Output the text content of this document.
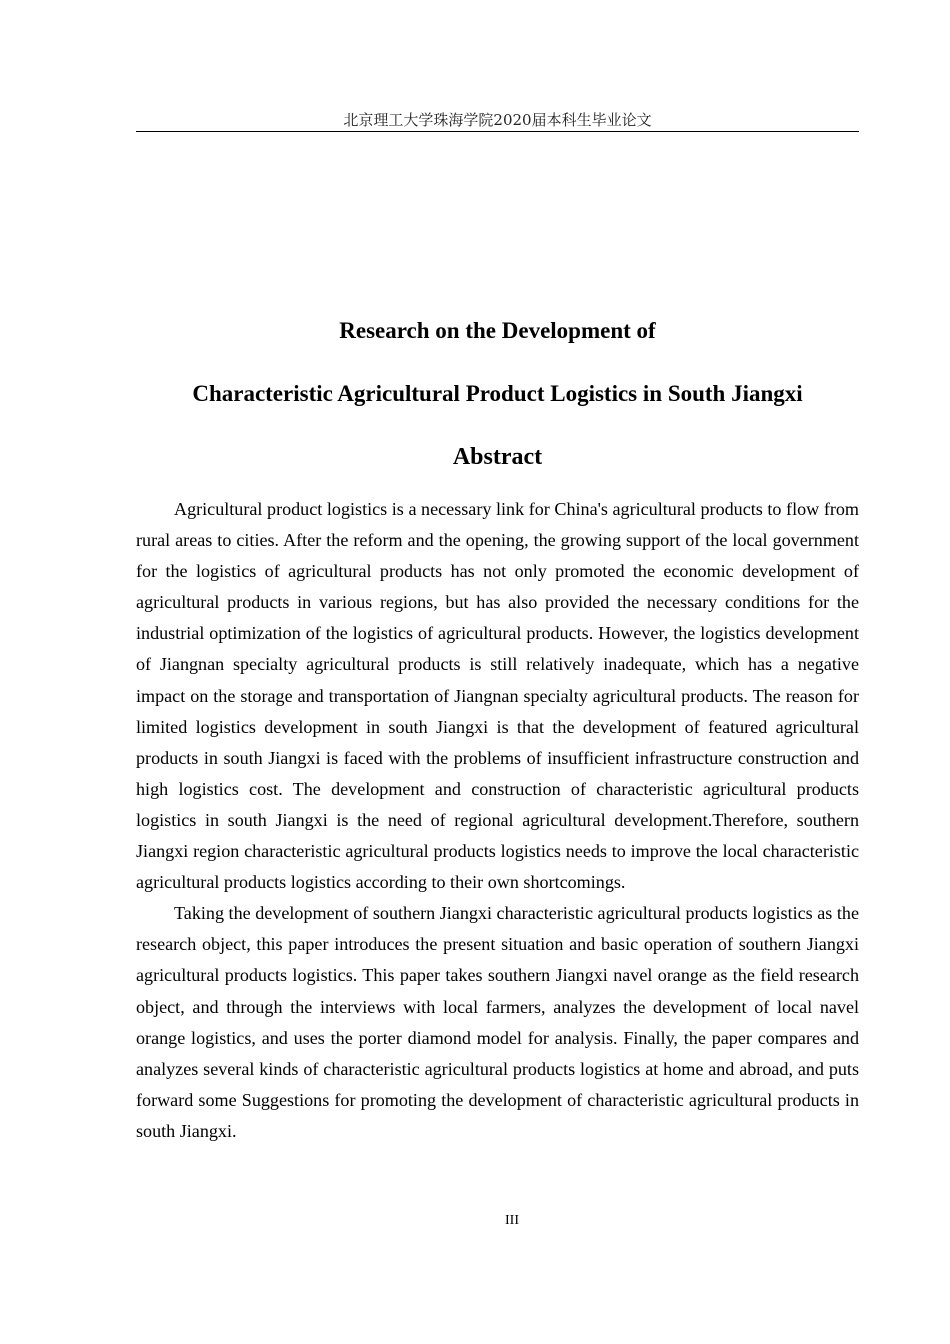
北京理工大学珠海学院2020届本科生毕业论文
Research on the Development of
Characteristic Agricultural Product Logistics in South Jiangxi
Abstract

Agricultural product logistics is a necessary link for China's agricultural products to flow from rural areas to cities. After the reform and the opening, the growing support of the local government for the logistics of agricultural products has not only promoted the economic development of agricultural products in various regions, but has also provided the necessary conditions for the industrial optimization of the logistics of agricultural products. However, the logistics development of Jiangnan specialty agricultural products is still relatively inadequate, which has a negative impact on the storage and transportation of Jiangnan specialty agricultural products. The reason for limited logistics development in south Jiangxi is that the development of featured agricultural products in south Jiangxi is faced with the problems of insufficient infrastructure construction and high logistics cost. The development and construction of characteristic agricultural products logistics in south Jiangxi is the need of regional agricultural development.Therefore, southern Jiangxi region characteristic agricultural products logistics needs to improve the local characteristic agricultural products logistics according to their own shortcomings.

Taking the development of southern Jiangxi characteristic agricultural products logistics as the research object, this paper introduces the present situation and basic operation of southern Jiangxi agricultural products logistics. This paper takes southern Jiangxi navel orange as the field research object, and through the interviews with local farmers, analyzes the development of local navel orange logistics, and uses the porter diamond model for analysis. Finally, the paper compares and analyzes several kinds of characteristic agricultural products logistics at home and abroad, and puts forward some Suggestions for promoting the development of characteristic agricultural products in south Jiangxi.

III
